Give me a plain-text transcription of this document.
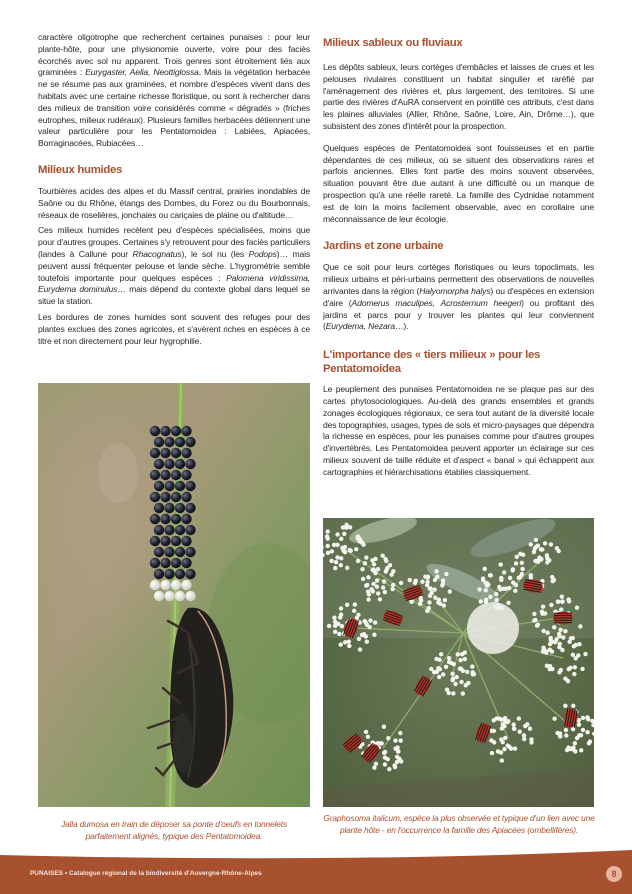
caractère oligotrophe que recherchent certaines punaises : pour leur plante-hôte, pour une physionomie ouverte, voire pour des faciès écorchés avec sol nu apparent. Trois genres sont étroitement liés aux graminées : Eurygaster, Aelia, Neottiglossa. Mais la végétation herbacée ne se résume pas aux graminées, et nombre d'espèces vivent dans des habitats avec une certaine richesse floristique, ou sont à rechercher dans des milieux de transition voire considérés comme « dégradés » (friches eutrophes, milieux rudéraux). Plusieurs familles herbacées détiennent une valeur particulière pour les Pentatomoidea : Labiées, Apiacées, Borraginacées, Rubiacées…

Milieux humides

Tourbières acides des alpes et du Massif central, prairies inondables de Saône ou du Rhône, étangs des Dombes, du Forez ou du Bourbonnais, réseaux de roselières, jonchaies ou cariçaies de plaine ou d'altitude…

Ces milieux humides recèlent peu d'espèces spécialisées, moins que pour d'autres groupes. Certaines s'y retrouvent pour des faciès particuliers (landes à Callune pour Rhacognatus), le sol nu (les Podops)… mais peuvent aussi fréquenter pelouse et lande sèche. L'hygrométrie semble toutefois importante pour quelques espèces : Palomena viridissima, Eurydema dominulus… mais dépend du contexte global dans lequel se situe la station.

Les bordures de zones humides sont souvent des refuges pour des plantes exclues des zones agricoles, et s'avèrent riches en espèces à ce titre et non directement pour leur hygrophilie.

Jalla dumosa en train de déposer sa ponte d'oeufs en tonnelets parfaitement alignés, typique des Pentatomoidea.
Milieux sableux ou fluviaux

Les dépôts sableux, leurs cortèges d'embâcles et laisses de crues et les pelouses rivulaires constituent un habitat singulier et raréfié par l'aménagement des rivières et, plus largement, des territoires. Si une partie des rivières d'AuRA conservent en pointillé ces attributs, c'est dans les plaines alluviales (Allier, Rhône, Saône, Loire, Ain, Drôme…), que subsistent des zones d'intérêt pour la prospection.

Quelques espèces de Pentatomoidea sont fouisseuses et en partie dépendantes de ces milieux, où se situent des observations rares et parfois anciennes. Elles font partie des moins souvent observées, situation pouvant être due autant à une difficulté ou un manque de prospection qu'à une réelle rareté. La famille des Cydnidae notamment est de loin la moins facilement observable, avec en corollaire une méconnaissance de leur écologie.

Jardins et zone urbaine

Que ce soit pour leurs cortèges floristiques ou leurs topoclimats, les milieux urbains et péri-urbains permettent des observations de nouvelles arrivantes dans la région (Halyomorpha halys) ou d'espèces en extension d'aire (Adomerus maculipes, Acrosternum heegeri) ou profitant des jardins et parcs pour y trouver les plantes qui leur conviennent (Eurydema, Nezara…).

L'importance des « tiers milieux » pour les Pentatomoidea

Le peuplement des punaises Pentatomoidea ne se plaque pas sur des cartes phytosociologiques. Au-delà des grands ensembles et grands zonages écologiques régionaux, ce sera tout autant de la diversité locale des topographies, usages, types de sols et micro-paysages que dépendra la richesse en espèces, pour les punaises comme pour d'autres groupes d'invertébrés. Les Pentatomoidea peuvent apporter un éclairage sur ces milieux souvent de taille réduite et d'aspect « banal » qui échappent aux cartographies et hiérarchisations établies classiquement.

Graphosoma italicum, espèce la plus observée et typique d'un lien avec une plante hôte - en l'occurrence la famille des Apiacées (ombellifères).
PUNAISES • Catalogue régional de la biodiversité d'Auvergne-Rhône-Alpes	8
